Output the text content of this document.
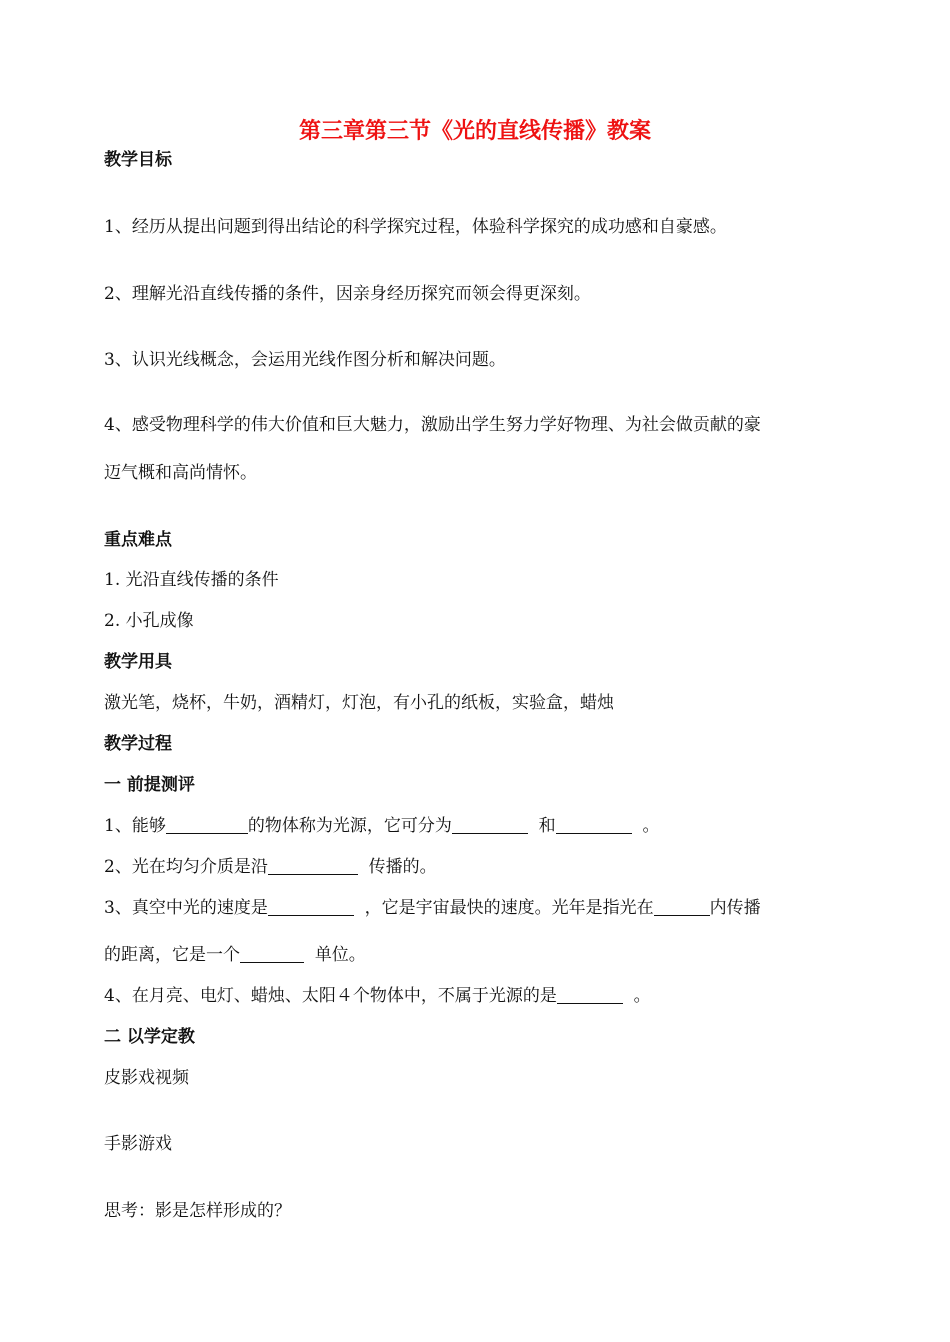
第三章第三节《光的直线传播》教案
教学目标
1、经历从提出问题到得出结论的科学探究过程，体验科学探究的成功感和自豪感。
2、理解光沿直线传播的条件，因亲身经历探究而领会得更深刻。
3、认识光线概念，会运用光线作图分析和解决问题。
4、感受物理科学的伟大价值和巨大魅力，激励出学生努力学好物理、为社会做贡献的豪
迈气概和高尚情怀。
重点难点
1. 光沿直线传播的条件
2. 小孔成像
教学用具
激光笔，烧杯，牛奶，酒精灯，灯泡，有小孔的纸板，实验盒，蜡烛
教学过程
一 前提测评
1、能够	的物体称为光源，它可分为	和	。
2、光在均匀介质是沿	传播的。
3、真空中光的速度是	，它是宇宙最快的速度。光年是指光在	内传播
的距离，它是一个	单位。
4、在月亮、电灯、蜡烛、太阳４个物体中，不属于光源的是	。
二 以学定教
皮影戏视频
手影游戏
思考：影是怎样形成的？
